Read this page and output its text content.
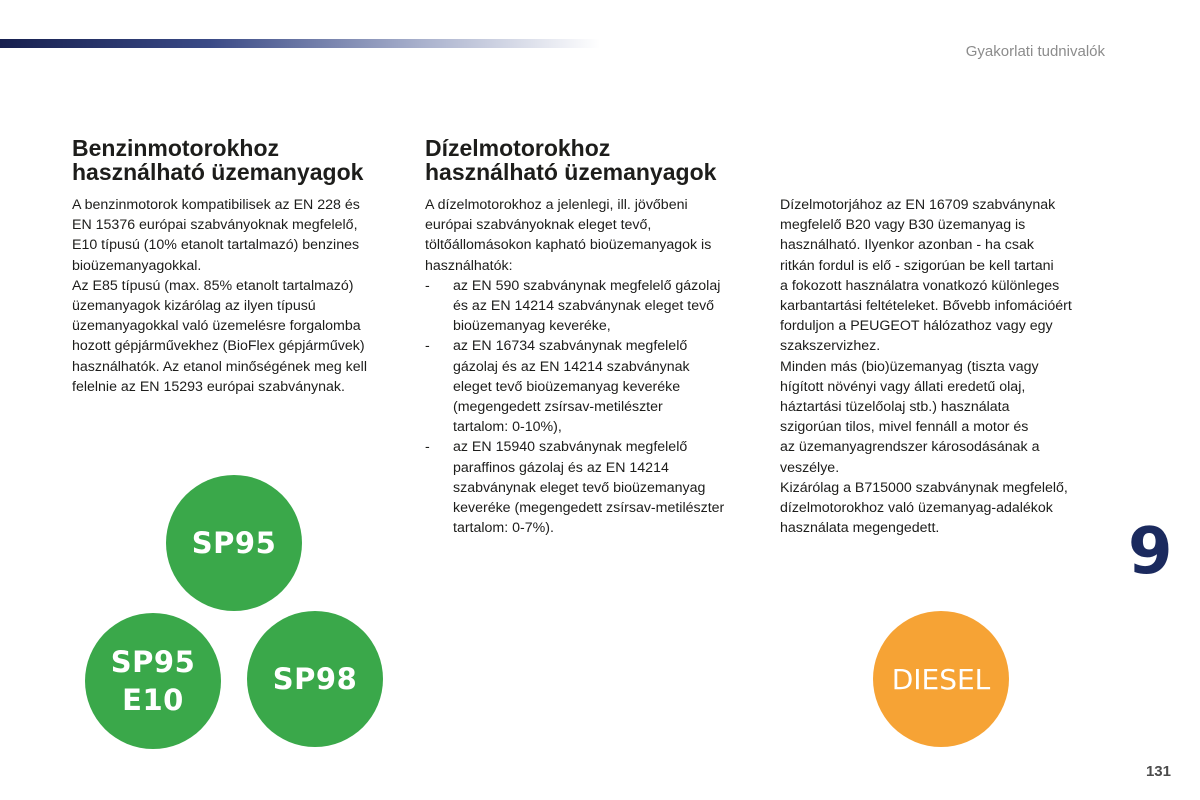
Gyakorlati tudnivalók
Benzinmotorokhoz
használható üzemanyagok

A benzinmotorok kompatibilisek az EN 228 és
EN 15376 európai szabványoknak megfelelő,
E10 típusú (10% etanolt tartalmazó) benzines
bioüzemanyagokkal.
Az E85 típusú (max. 85% etanolt tartalmazó)
üzemanyagok kizárólag az ilyen típusú
üzemanyagokkal való üzemelésre forgalomba
hozott gépjárművekhez (BioFlex gépjárművek)
használhatók. Az etanol minőségének meg kell
felelnie az EN 15293 európai szabványnak.

Dízelmotorokhoz
használható üzemanyagok

A dízelmotorokhoz a jelenlegi, ill. jövőbeni
európai szabványoknak eleget tevő,
töltőállomásokon kapható bioüzemanyagok is
használhatók:

- az EN 590 szabványnak megfelelő gázolaj
és az EN 14214 szabványnak eleget tevő
bioüzemanyag keveréke,
- az EN 16734 szabványnak megfelelő
gázolaj és az EN 14214 szabványnak
eleget tevő bioüzemanyag keveréke
(megengedett zsírsav-metilészter
tartalom: 0-10%),
- az EN 15940 szabványnak megfelelő
paraffinos gázolaj és az EN 14214
szabványnak eleget tevő bioüzemanyag
keveréke (megengedett zsírsav-metilészter
tartalom: 0-7%).

Dízelmotorjához az EN 16709 szabványnak
megfelelő B20 vagy B30 üzemanyag is
használható. Ilyenkor azonban - ha csak
ritkán fordul is elő - szigorúan be kell tartani
a fokozott használatra vonatkozó különleges
karbantartási feltételeket. Bővebb infomációért
forduljon a PEUGEOT hálózathoz vagy egy
szakszervizhez.
Minden más (bio)üzemanyag (tiszta vagy
hígított növényi vagy állati eredetű olaj,
háztartási tüzelőolaj stb.) használata
szigorúan tilos, mivel fennáll a motor és
az üzemanyagrendszer károsodásának a
veszélye.
Kizárólag a B715000 szabványnak megfelelő,
dízelmotorokhoz való üzemanyag-adalékok
használata megengedett.

SP95
SP95
E10
SP98	DIESEL
9
131
